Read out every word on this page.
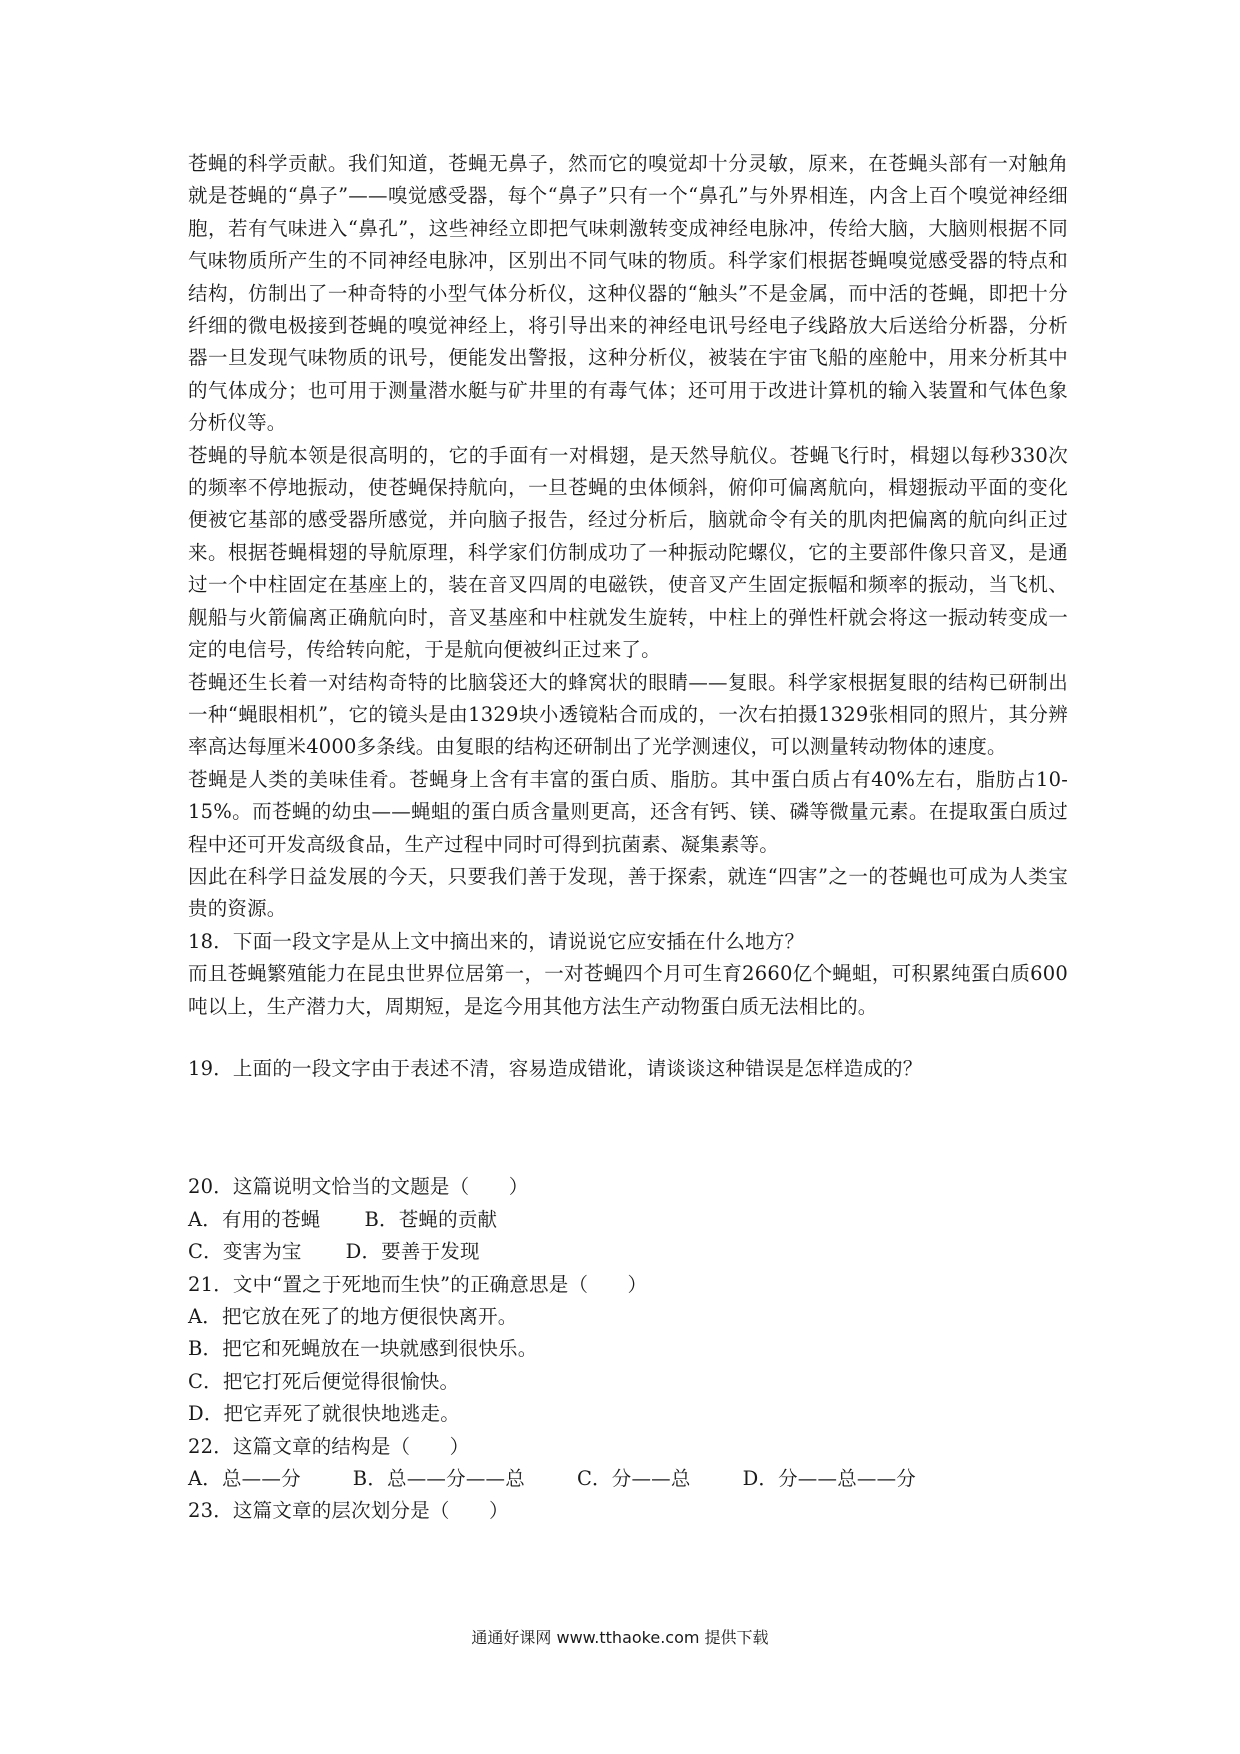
苍蝇的科学贡献。我们知道，苍蝇无鼻子，然而它的嗅觉却十分灵敏，原来，在苍蝇头部有一对触角就是苍蝇的“鼻子”——嗅觉感受器，每个“鼻子”只有一个“鼻孔”与外界相连，内含上百个嗅觉神经细胞，若有气味进入“鼻孔”，这些神经立即把气味刺激转变成神经电脉冲，传给大脑，大脑则根据不同气味物质所产生的不同神经电脉冲，区别出不同气味的物质。科学家们根据苍蝇嗅觉感受器的特点和结构，仿制出了一种奇特的小型气体分析仪，这种仪器的“触头”不是金属，而中活的苍蝇，即把十分纤细的微电极接到苍蝇的嗅觉神经上，将引导出来的神经电讯号经电子线路放大后送给分析器，分析器一旦发现气味物质的讯号，便能发出警报，这种分析仪，被装在宇宙飞船的座舱中，用来分析其中的气体成分；也可用于测量潜水艇与矿井里的有毒气体；还可用于改进计算机的输入装置和气体色象分析仪等。

苍蝇的导航本领是很高明的，它的手面有一对楫翅，是天然导航仪。苍蝇飞行时，楫翅以每秒330次的频率不停地振动，使苍蝇保持航向，一旦苍蝇的虫体倾斜，俯仰可偏离航向，楫翅振动平面的变化便被它基部的感受器所感觉，并向脑子报告，经过分析后，脑就命令有关的肌肉把偏离的航向纠正过来。根据苍蝇楫翅的导航原理，科学家们仿制成功了一种振动陀螺仪，它的主要部件像只音叉，是通过一个中柱固定在基座上的，装在音叉四周的电磁铁，使音叉产生固定振幅和频率的振动，当飞机、舰船与火箭偏离正确航向时，音叉基座和中柱就发生旋转，中柱上的弹性杆就会将这一振动转变成一定的电信号，传给转向舵，于是航向便被纠正过来了。

苍蝇还生长着一对结构奇特的比脑袋还大的蜂窝状的眼睛——复眼。科学家根据复眼的结构已研制出一种“蝇眼相机”，它的镜头是由1329块小透镜粘合而成的，一次右拍摄1329张相同的照片，其分辨率高达每厘米4000多条线。由复眼的结构还研制出了光学测速仪，可以测量转动物体的速度。

苍蝇是人类的美味佳肴。苍蝇身上含有丰富的蛋白质、脂肪。其中蛋白质占有40%左右，脂肪占10-15%。而苍蝇的幼虫——蝇蛆的蛋白质含量则更高，还含有钙、镁、磷等微量元素。在提取蛋白质过程中还可开发高级食品，生产过程中同时可得到抗菌素、凝集素等。

因此在科学日益发展的今天，只要我们善于发现，善于探索，就连“四害”之一的苍蝇也可成为人类宝贵的资源。

18．下面一段文字是从上文中摘出来的，请说说它应安插在什么地方？

而且苍蝇繁殖能力在昆虫世界位居第一，一对苍蝇四个月可生育2660亿个蝇蛆，可积累纯蛋白质600吨以上，生产潜力大，周期短，是迄今用其他方法生产动物蛋白质无法相比的。

19．上面的一段文字由于表述不清，容易造成错讹，请谈谈这种错误是怎样造成的？

20．这篇说明文恰当的文题是（　　）

A．有用的苍蝇 B．苍蝇的贡献
C．变害为宝 D．要善于发现

21．文中“置之于死地而生快”的正确意思是（　　）

A．把它放在死了的地方便很快离开。

B．把它和死蝇放在一块就感到很快乐。

C．把它打死后便觉得很愉快。

D．把它弄死了就很快地逃走。

22．这篇文章的结构是（　　）

A．总——分	B．总——分——总	C．分——总	D．分——总——分

23．这篇文章的层次划分是（　　）

通通好课网 www.tthaoke.com 提供下载
